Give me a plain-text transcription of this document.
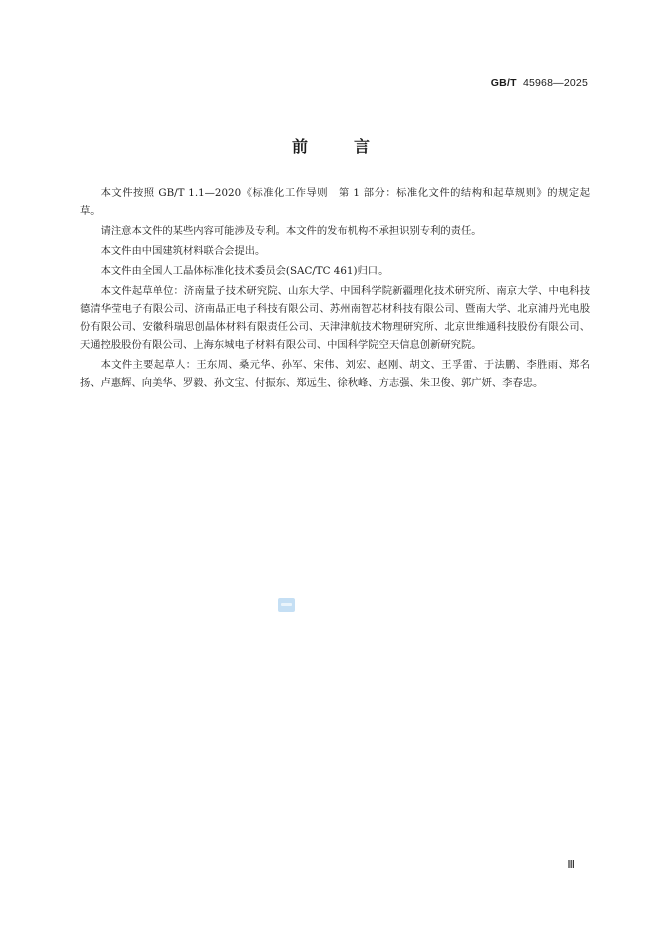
GB/T 45968—2025
前	言

本文件按照 GB/T 1.1—2020《标准化工作导则　第 1 部分：标准化文件的结构和起草规则》的规定起草。

请注意本文件的某些内容可能涉及专利。本文件的发布机构不承担识别专利的责任。

本文件由中国建筑材料联合会提出。

本文件由全国人工晶体标准化技术委员会(SAC/TC 461)归口。

本文件起草单位：济南量子技术研究院、山东大学、中国科学院新疆理化技术研究所、南京大学、中电科技德清华莹电子有限公司、济南晶正电子科技有限公司、苏州南智芯材科技有限公司、暨南大学、北京浦丹光电股份有限公司、安徽科瑞思创晶体材料有限责任公司、天津津航技术物理研究所、北京世维通科技股份有限公司、天通控股股份有限公司、上海东城电子材料有限公司、中国科学院空天信息创新研究院。

本文件主要起草人：王东周、桑元华、孙军、宋伟、刘宏、赵刚、胡文、王孚雷、于法鹏、李胜雨、郑名扬、卢惠辉、向美华、罗毅、孙文宝、付振东、郑远生、徐秋峰、方志强、朱卫俊、郭广妍、李春忠。

Ⅲ
